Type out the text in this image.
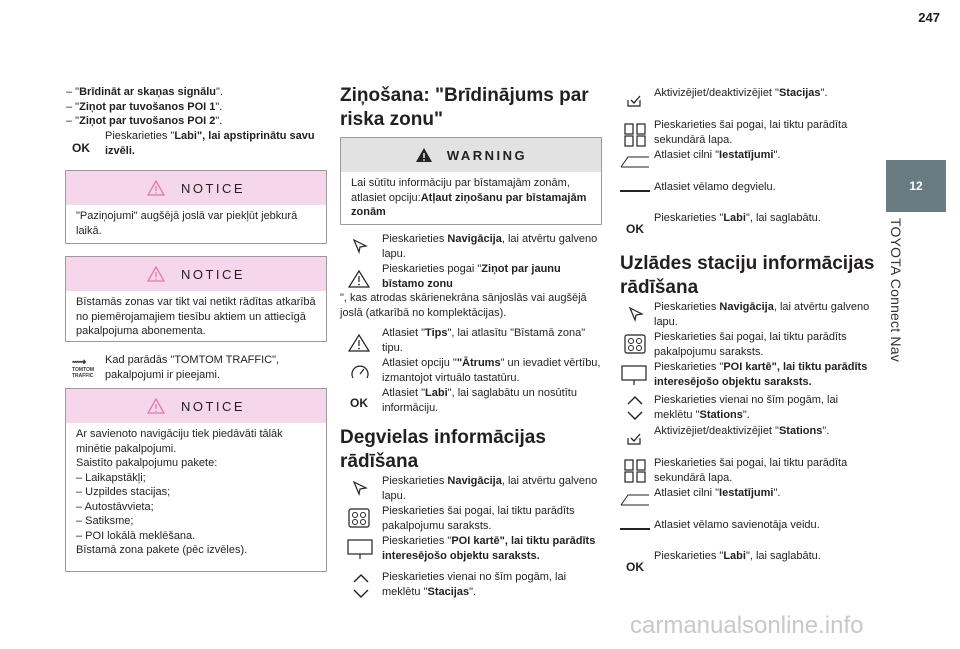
247
12
TOYOTA Connect Nav
– "Brīdināt ar skaņas signālu".
– "Ziņot par tuvošanos POI 1".
– "Ziņot par tuvošanos POI 2".
OK
Pieskarieties "Labi", lai apstiprinātu savu izvēli.
NOTICE
"Paziņojumi" augšējā joslā var piekļūt jebkurā laikā.
NOTICE
Bīstamās zonas var tikt vai netikt rādītas atkarībā no piemērojamajiem tiesību aktiem un attiecīgā pakalpojuma abonementa.
⟿ TOMTOM TRAFFIC
Kad parādās "TOMTOM TRAFFIC", pakalpojumi ir pieejami.
NOTICE
Ar savienoto navigāciju tiek piedāvāti tālāk minētie pakalpojumi.
Saistīto pakalpojumu pakete:
– Laikapstākļi;
– Uzpildes stacijas;
– Autostāvvieta;
– Satiksme;
– POI lokālā meklēšana.
Bīstamā zona pakete (pēc izvēles).
Ziņošana: "Brīdinājums par riska zonu"
WARNING
Lai sūtītu informāciju par bīstamajām zonām, atlasiet opciju:Atļaut ziņošanu par bīstamajām zonām
Pieskarieties Navigācija, lai atvērtu galveno lapu.
Pieskarieties pogai "Ziņot par jaunu bīstamo zonu
", kas atrodas skārienekrāna sānjoslās vai augšējā joslā (atkarībā no komplektācijas).
Atlasiet "Tips", lai atlasītu "Bīstamā zona" tipu.
Atlasiet opciju ""Ātrums" un ievadiet vērtību, izmantojot virtuālo tastatūru.
OK
Atlasiet "Labi", lai saglabātu un nosūtītu informāciju.
Degvielas informācijas rādīšana
Pieskarieties Navigācija, lai atvērtu galveno lapu.
Pieskarieties šai pogai, lai tiktu parādīts pakalpojumu saraksts.
Pieskarieties "POI kartē", lai tiktu parādīts interesējošo objektu saraksts.
Pieskarieties vienai no šīm pogām, lai meklētu "Stacijas".
Aktivizējiet/deaktivizējiet "Stacijas".
Pieskarieties šai pogai, lai tiktu parādīta sekundārā lapa.
Atlasiet cilni "Iestatījumi".
Atlasiet vēlamo degvielu.
OK
Pieskarieties "Labi", lai saglabātu.
Uzlādes staciju informācijas rādīšana
Pieskarieties Navigācija, lai atvērtu galveno lapu.
Pieskarieties šai pogai, lai tiktu parādīts pakalpojumu saraksts.
Pieskarieties "POI kartē", lai tiktu parādīts interesējošo objektu saraksts.
Pieskarieties vienai no šīm pogām, lai meklētu "Stations".
Aktivizējiet/deaktivizējiet "Stations".
Pieskarieties šai pogai, lai tiktu parādīta sekundārā lapa.
Atlasiet cilni "Iestatījumi".
Atlasiet vēlamo savienotāja veidu.
OK
Pieskarieties "Labi", lai saglabātu.
carmanualsonline.info
